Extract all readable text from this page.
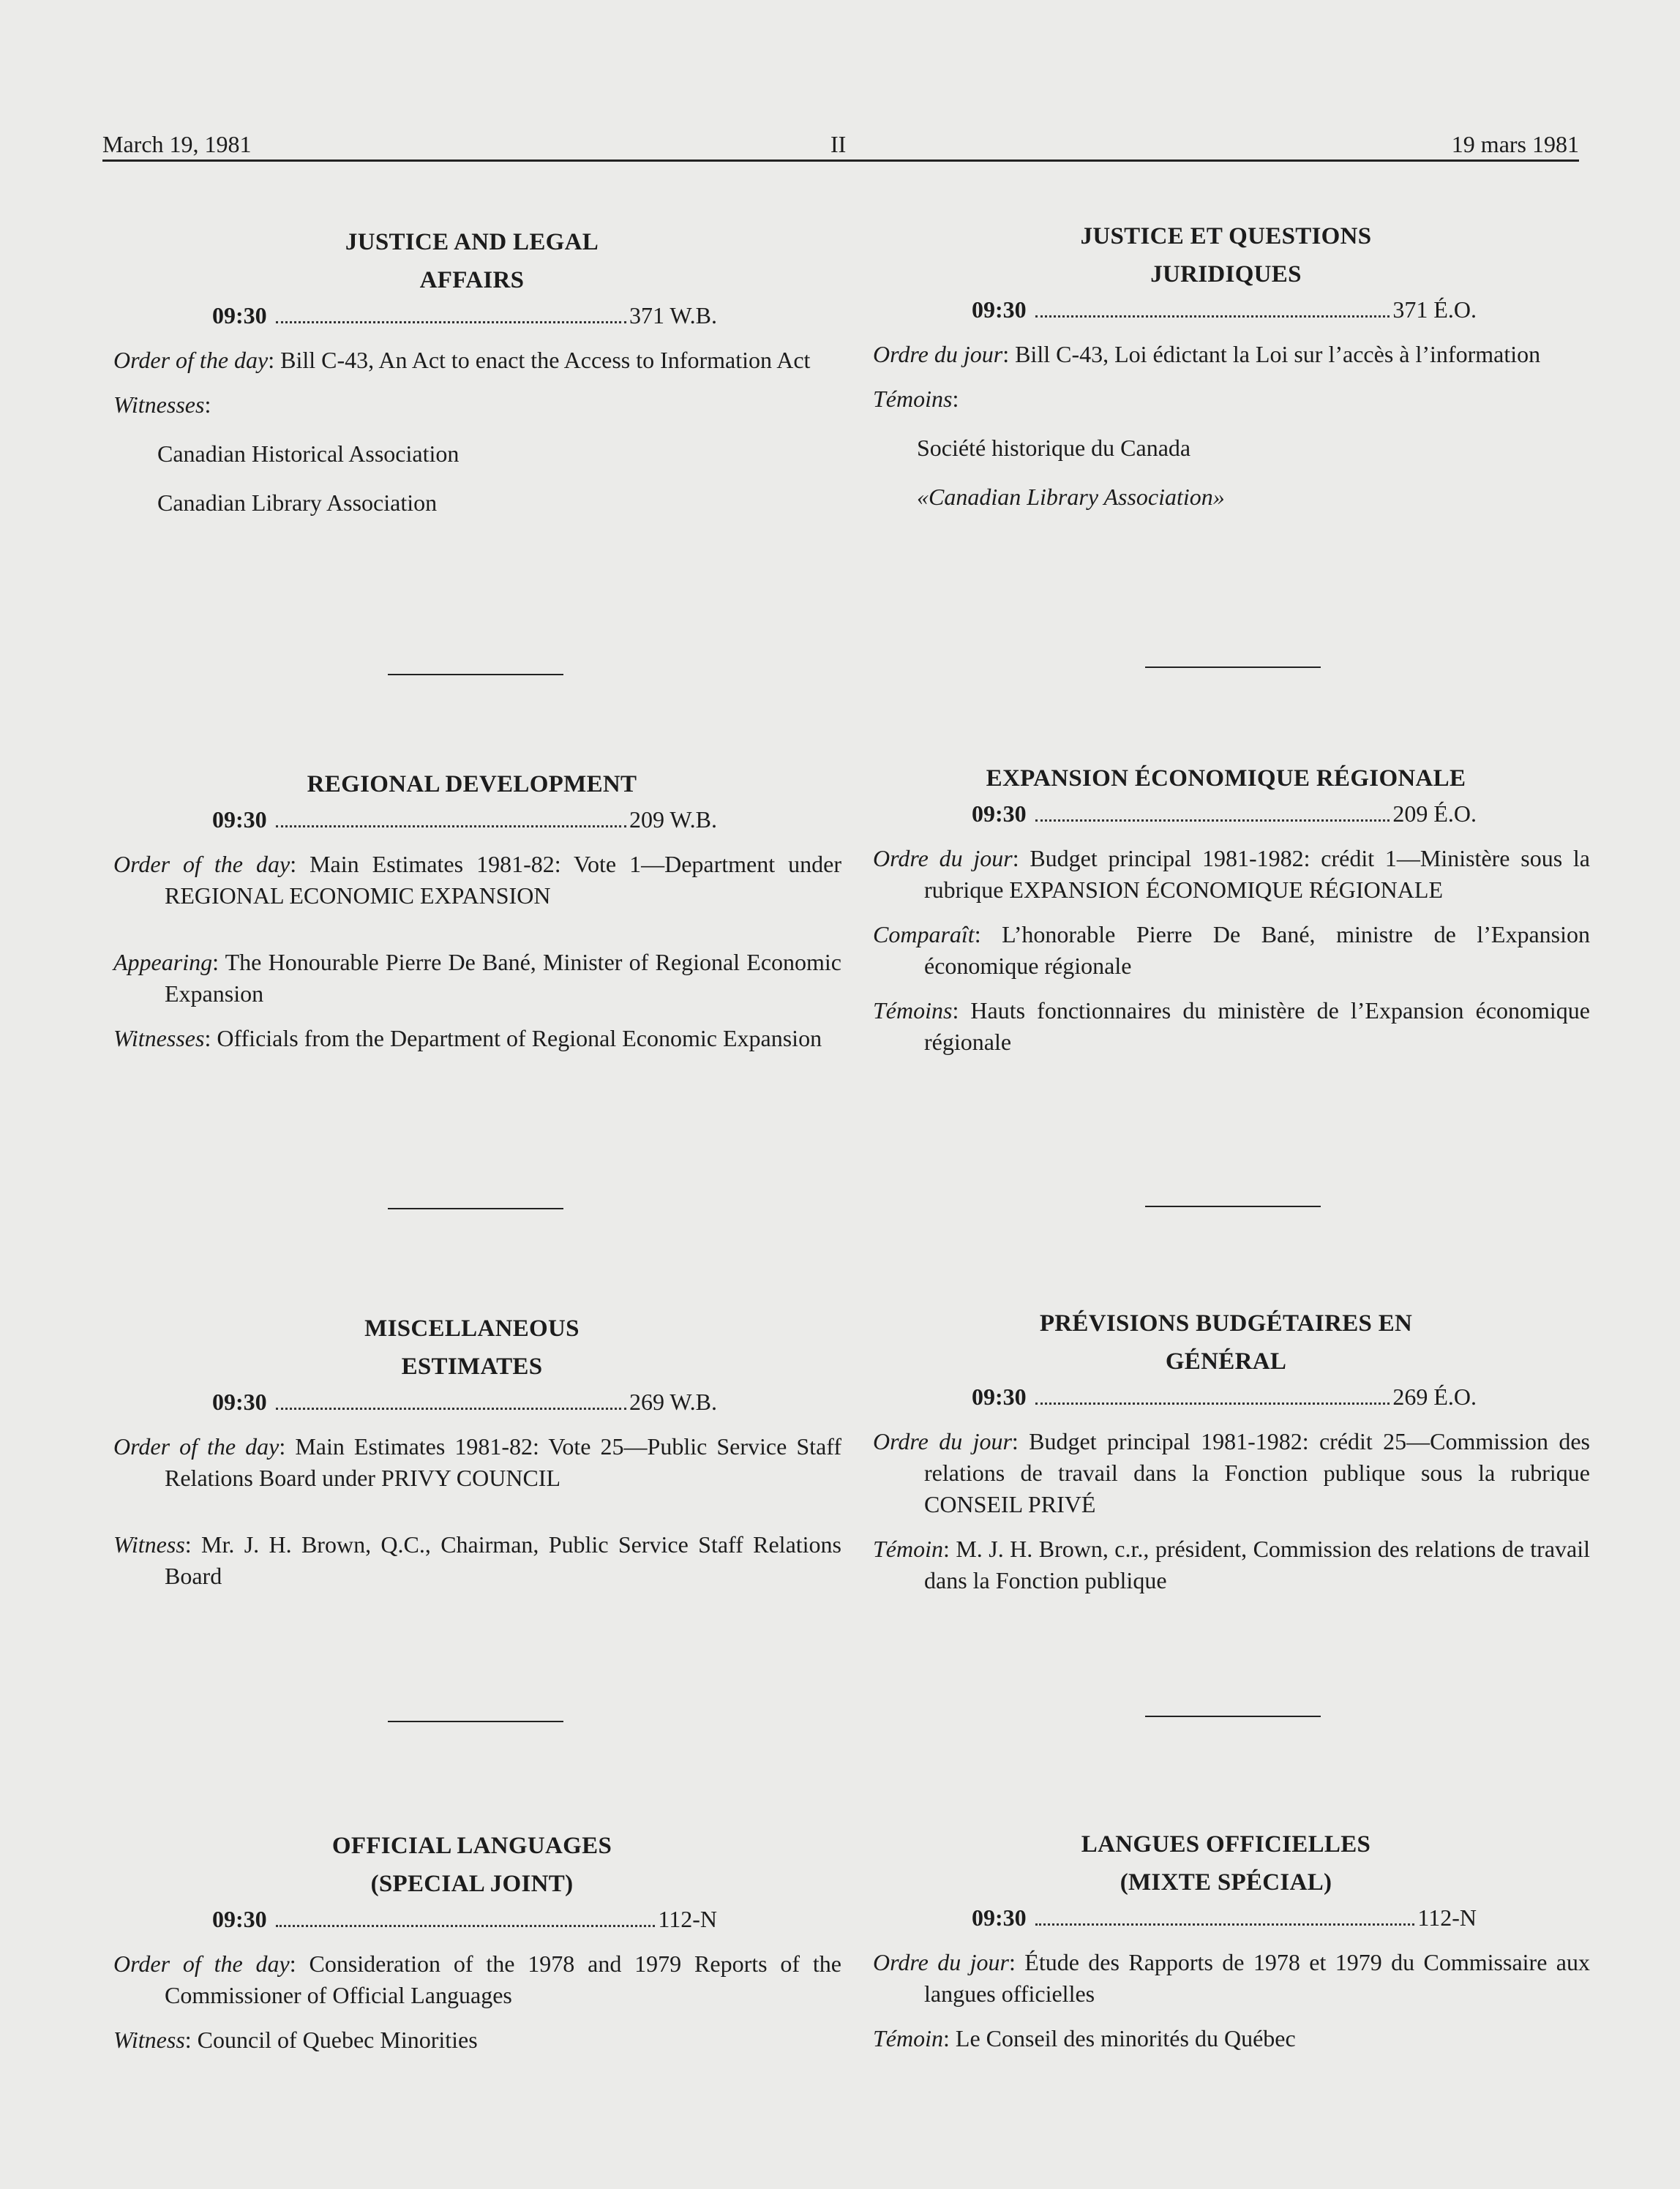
March 19, 1981	II	19 mars 1981
JUSTICE AND LEGAL
AFFAIRS
09:30	371 W.B.
Order of the day: Bill C-43, An Act to enact the Access to Information Act
Witnesses:
Canadian Historical Association
Canadian Library Association
REGIONAL DEVELOPMENT
09:30	209 W.B.
Order of the day: Main Estimates 1981-82: Vote 1—Department under REGIONAL ECONOMIC EXPANSION
Appearing: The Honourable Pierre De Bané, Minister of Regional Economic Expansion
Witnesses: Officials from the Department of Regional Economic Expansion
MISCELLANEOUS
ESTIMATES
09:30	269 W.B.
Order of the day: Main Estimates 1981-82: Vote 25—Public Service Staff Relations Board under PRIVY COUNCIL
Witness: Mr. J. H. Brown, Q.C., Chairman, Public Service Staff Relations Board
OFFICIAL LANGUAGES
(SPECIAL JOINT)
09:30	112-N
Order of the day: Consideration of the 1978 and 1979 Reports of the Commissioner of Official Languages
Witness: Council of Quebec Minorities
JUSTICE ET QUESTIONS
JURIDIQUES
09:30	371 É.O.
Ordre du jour: Bill C-43, Loi édictant la Loi sur l’accès à l’information
Témoins:
Société historique du Canada
«Canadian Library Association»
EXPANSION ÉCONOMIQUE RÉGIONALE
09:30	209 É.O.
Ordre du jour: Budget principal 1981-1982: crédit 1—Ministère sous la rubrique EXPANSION ÉCONOMIQUE RÉGIONALE
Comparaît: L’honorable Pierre De Bané, ministre de l’Expansion économique régionale
Témoins: Hauts fonctionnaires du ministère de l’Expansion économique régionale
PRÉVISIONS BUDGÉTAIRES EN
GÉNÉRAL
09:30	269 É.O.
Ordre du jour: Budget principal 1981-1982: crédit 25—Commission des relations de travail dans la Fonction publique sous la rubrique CONSEIL PRIVÉ
Témoin: M. J. H. Brown, c.r., président, Commission des relations de travail dans la Fonction publique
LANGUES OFFICIELLES
(MIXTE SPÉCIAL)
09:30	112-N
Ordre du jour: Étude des Rapports de 1978 et 1979 du Commissaire aux langues officielles
Témoin: Le Conseil des minorités du Québec
